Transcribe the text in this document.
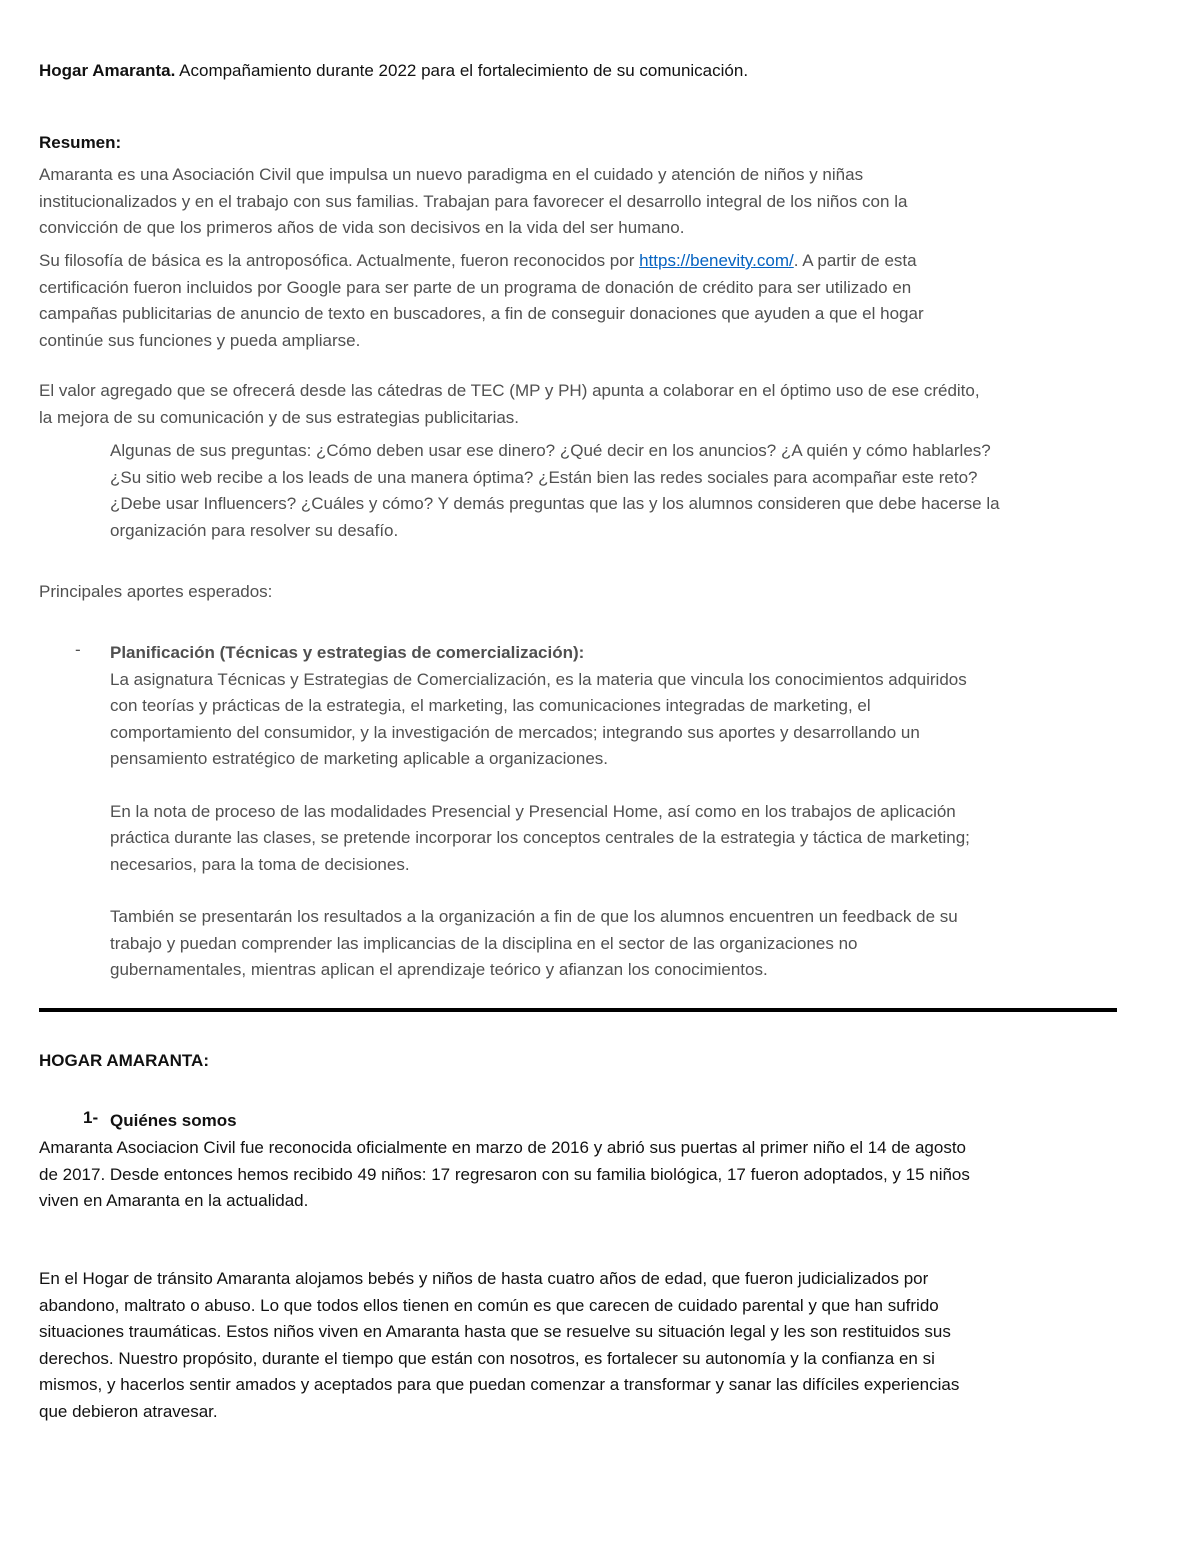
Hogar Amaranta. Acompañamiento durante 2022 para el fortalecimiento de su comunicación.
Resumen:
Amaranta es una Asociación Civil que impulsa un nuevo paradigma en el cuidado y atención de niños y niñas
institucionalizados y en el trabajo con sus familias. Trabajan para favorecer el desarrollo integral de los niños con la
convicción de que los primeros años de vida son decisivos en la vida del ser humano.
Su filosofía de básica es la antroposófica. Actualmente, fueron reconocidos por https://benevity.com/. A partir de esta
certificación fueron incluidos por Google para ser parte de un programa de donación de crédito para ser utilizado en
campañas publicitarias de anuncio de texto en buscadores, a fin de conseguir donaciones que ayuden a que el hogar
continúe sus funciones y pueda ampliarse.
El valor agregado que se ofrecerá desde las cátedras de TEC (MP y PH) apunta a colaborar en el óptimo uso de ese crédito,
la mejora de su comunicación y de sus estrategias publicitarias.
Algunas de sus preguntas: ¿Cómo deben usar ese dinero? ¿Qué decir en los anuncios? ¿A quién y cómo hablarles?
¿Su sitio web recibe a los leads de una manera óptima? ¿Están bien las redes sociales para acompañar este reto?
¿Debe usar Influencers? ¿Cuáles y cómo? Y demás preguntas que las y los alumnos consideren que debe hacerse la
organización para resolver su desafío.
Principales aportes esperados:
- Planificación (Técnicas y estrategias de comercialización):
La asignatura Técnicas y Estrategias de Comercialización, es la materia que vincula los conocimientos adquiridos
con teorías y prácticas de la estrategia, el marketing, las comunicaciones integradas de marketing, el
comportamiento del consumidor, y la investigación de mercados; integrando sus aportes y desarrollando un
pensamiento estratégico de marketing aplicable a organizaciones.
En la nota de proceso de las modalidades Presencial y Presencial Home, así como en los trabajos de aplicación
práctica durante las clases, se pretende incorporar los conceptos centrales de la estrategia y táctica de marketing;
necesarios, para la toma de decisiones.
También se presentarán los resultados a la organización a fin de que los alumnos encuentren un feedback de su
trabajo y puedan comprender las implicancias de la disciplina en el sector de las organizaciones no
gubernamentales, mientras aplican el aprendizaje teórico y afianzan los conocimientos.
HOGAR AMARANTA:
1- Quiénes somos
Amaranta Asociacion Civil fue reconocida oficialmente en marzo de 2016 y abrió sus puertas al primer niño el 14 de agosto
de 2017. Desde entonces hemos recibido 49 niños: 17 regresaron con su familia biológica, 17 fueron adoptados, y 15 niños
viven en Amaranta en la actualidad.
En el Hogar de tránsito Amaranta alojamos bebés y niños de hasta cuatro años de edad, que fueron judicializados por
abandono, maltrato o abuso. Lo que todos ellos tienen en común es que carecen de cuidado parental y que han sufrido
situaciones traumáticas. Estos niños viven en Amaranta hasta que se resuelve su situación legal y les son restituidos sus
derechos. Nuestro propósito, durante el tiempo que están con nosotros, es fortalecer su autonomía y la confianza en si
mismos, y hacerlos sentir amados y aceptados para que puedan comenzar a transformar y sanar las difíciles experiencias
que debieron atravesar.
